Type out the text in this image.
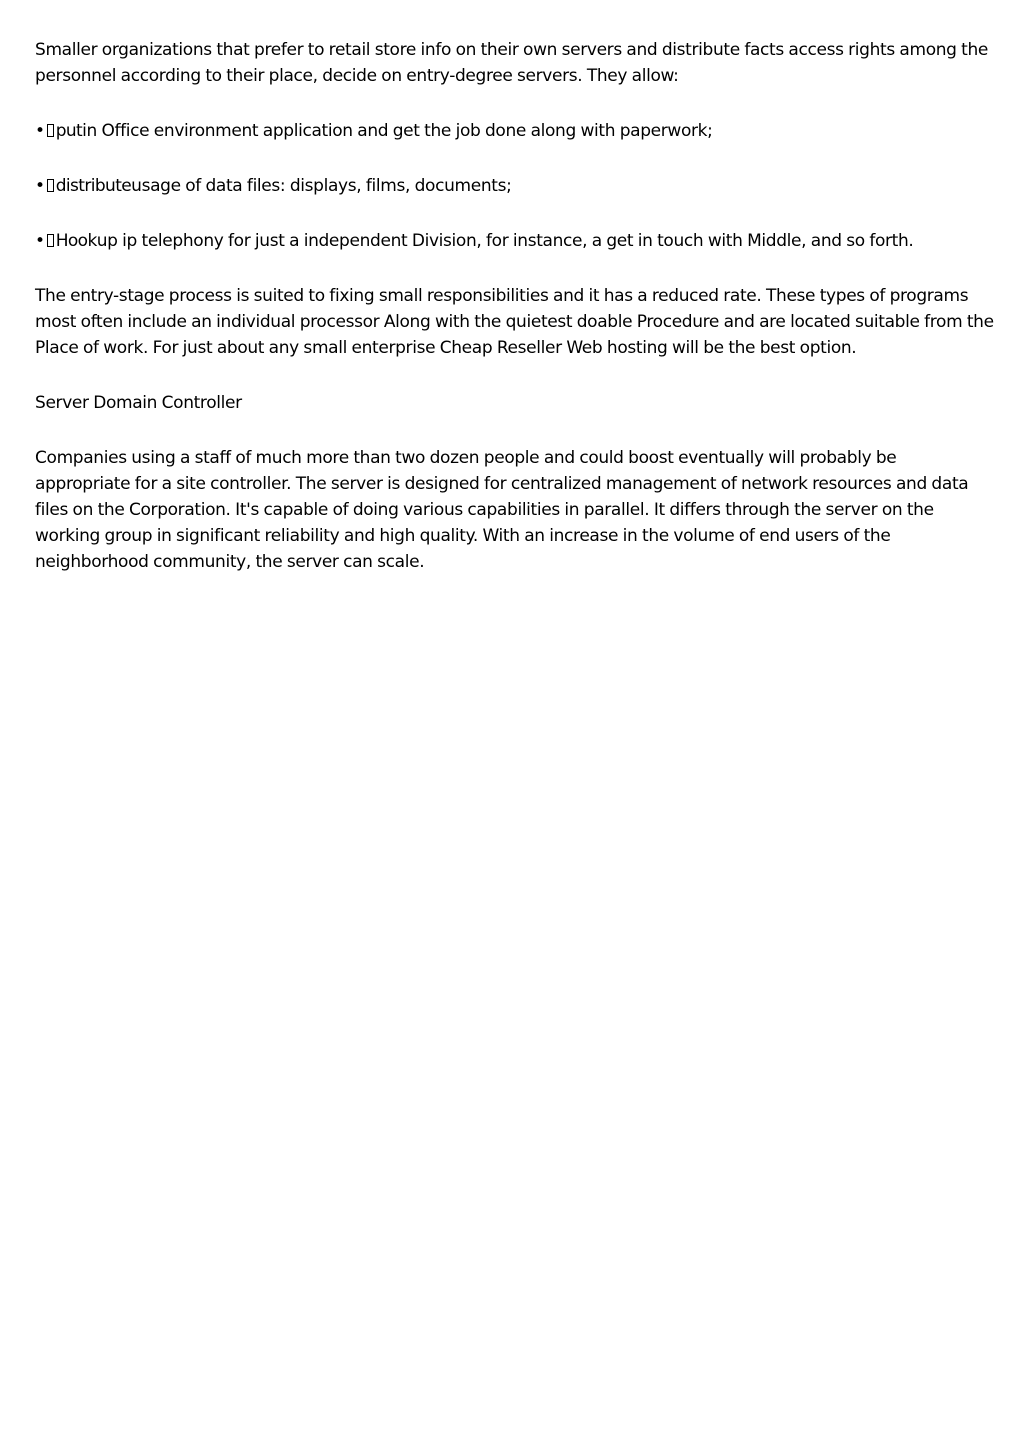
Smaller organizations that prefer to retail store info on their own servers and distribute facts access rights among the personnel according to their place, decide on entry-degree servers. They allow:

• putin Office environment application and get the job done along with paperwork;
• distributeusage of data files: displays, films, documents;
• Hookup ip telephony for just a independent Division, for instance, a get in touch with Middle, and so forth.

The entry-stage process is suited to fixing small responsibilities and it has a reduced rate. These types of programs most often include an individual processor Along with the quietest doable Procedure and are located suitable from the Place of work. For just about any small enterprise Cheap Reseller Web hosting will be the best option.

Server Domain Controller

Companies using a staff of much more than two dozen people and could boost eventually will probably be appropriate for a site controller. The server is designed for centralized management of network resources and data files on the Corporation. It's capable of doing various capabilities in parallel. It differs through the server on the working group in significant reliability and high quality. With an increase in the volume of end users of the neighborhood community, the server can scale.
